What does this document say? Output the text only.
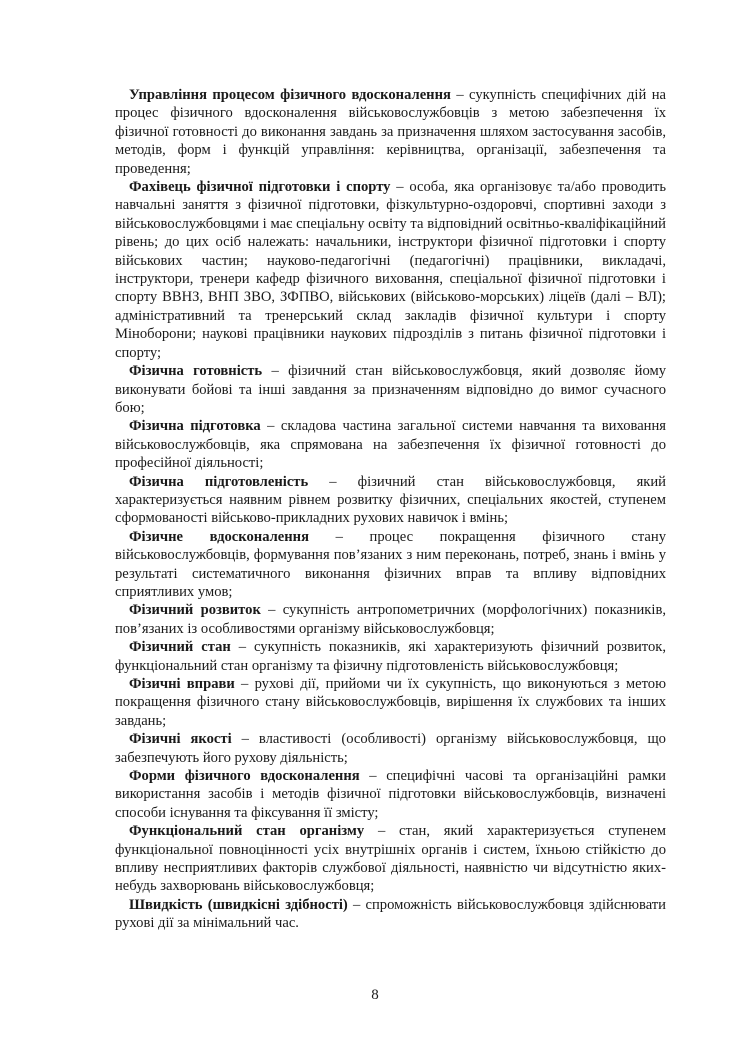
Управління процесом фізичного вдосконалення – сукупність специфічних дій на процес фізичного вдосконалення військовослужбовців з метою забезпечення їх фізичної готовності до виконання завдань за призначення шляхом застосування засобів, методів, форм і функцій управління: керівництва, організації, забезпечення та проведення;

Фахівець фізичної підготовки і спорту – особа, яка організовує та/або проводить навчальні заняття з фізичної підготовки, фізкультурно-оздоровчі, спортивні заходи з військовослужбовцями і має спеціальну освіту та відповідний освітньо-кваліфікаційний рівень; до цих осіб належать: начальники, інструктори фізичної підготовки і спорту військових частин; науково-педагогічні (педагогічні) працівники, викладачі, інструктори, тренери кафедр фізичного виховання, спеціальної фізичної підготовки і спорту ВВНЗ, ВНП ЗВО, ЗФПВО, військових (військово-морських) ліцеїв (далі – ВЛ); адміністративний та тренерський склад закладів фізичної культури і спорту Міноборони; наукові працівники наукових підрозділів з питань фізичної підготовки і спорту;

Фізична готовність – фізичний стан військовослужбовця, який дозволяє йому виконувати бойові та інші завдання за призначенням відповідно до вимог сучасного бою;

Фізична підготовка – складова частина загальної системи навчання та виховання військовослужбовців, яка спрямована на забезпечення їх фізичної готовності до професійної діяльності;

Фізична підготовленість – фізичний стан військовослужбовця, який характеризується наявним рівнем розвитку фізичних, спеціальних якостей, ступенем сформованості військово-прикладних рухових навичок і вмінь;

Фізичне вдосконалення – процес покращення фізичного стану військовослужбовців, формування пов’язаних з ним переконань, потреб, знань і вмінь у результаті систематичного виконання фізичних вправ та впливу відповідних сприятливих умов;

Фізичний розвиток – сукупність антропометричних (морфологічних) показників, пов’язаних із особливостями організму військовослужбовця;

Фізичний стан – сукупність показників, які характеризують фізичний розвиток, функціональний стан організму та фізичну підготовленість військовослужбовця;

Фізичні вправи – рухові дії, прийоми чи їх сукупність, що виконуються з метою покращення фізичного стану військовослужбовців, вирішення їх службових та інших завдань;

Фізичні якості – властивості (особливості) організму військовослужбовця, що забезпечують його рухову діяльність;

Форми фізичного вдосконалення – специфічні часові та організаційні рамки використання засобів і методів фізичної підготовки військовослужбовців, визначені способи існування та фіксування її змісту;

Функціональний стан організму – стан, який характеризується ступенем функціональної повноцінності усіх внутрішніх органів і систем, їхньою стійкістю до впливу несприятливих факторів службової діяльності, наявністю чи відсутністю яких-небудь захворювань військовослужбовця;

Швидкість (швидкісні здібності) – спроможність військовослужбовця здійснювати рухові дії за мінімальний час.

8
